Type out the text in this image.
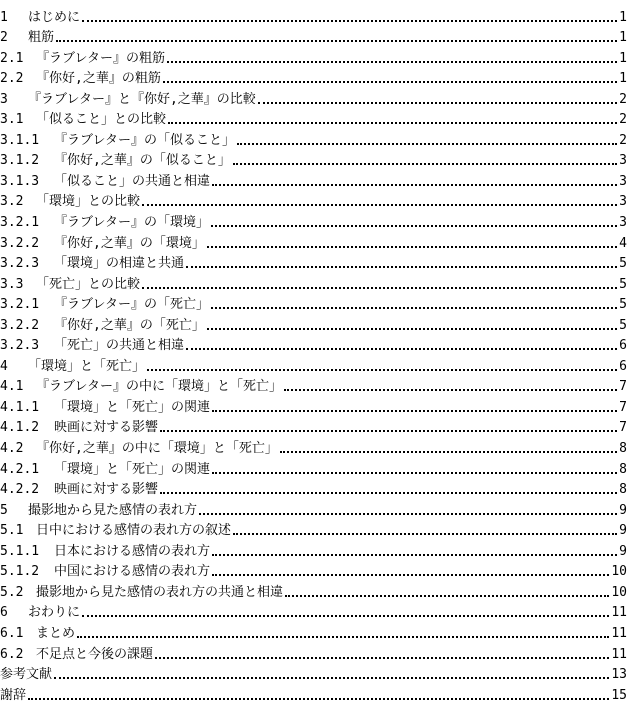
1	はじめに	1
2	粗筋	1
2.1 『ラブレター』の粗筋	1
2.2 『你好,之華』の粗筋	1
3	『ラブレター』と『你好,之華』の比較	2
3.1 「似ること」との比較	2
3.1.1	『ラブレター』の「似ること」	2
3.1.2	『你好,之華』の「似ること」	3
3.1.3	「似ること」の共通と相違	3
3.2 「環境」との比較	3
3.2.1	『ラブレター』の「環境」	3
3.2.2	『你好,之華』の「環境」	4
3.2.3	「環境」の相違と共通	5
3.3 「死亡」との比較	5
3.2.1	『ラブレター』の「死亡」	5
3.2.2	『你好,之華』の「死亡」	5
3.2.3	「死亡」の共通と相違	6
4	「環境」と「死亡」	6
4.1 『ラブレター』の中に「環境」と「死亡」	7
4.1.1	「環境」と「死亡」の関連	7
4.1.2	映画に対する影響	7
4.2 『你好,之華』の中に「環境」と「死亡」	8
4.2.1	「環境」と「死亡」の関連	8
4.2.2	映画に対する影響	8
5	撮影地から見た感情の表れ方	9
5.1 日中における感情の表れ方の叙述	9
5.1.1	日本における感情の表れ方	9
5.1.2	中国における感情の表れ方	10
5.2 撮影地から見た感情の表れ方の共通と相違	10
6	おわりに	11
6.1 まとめ	11
6.2 不足点と今後の課題	11
参考文献	13
謝辞	15
